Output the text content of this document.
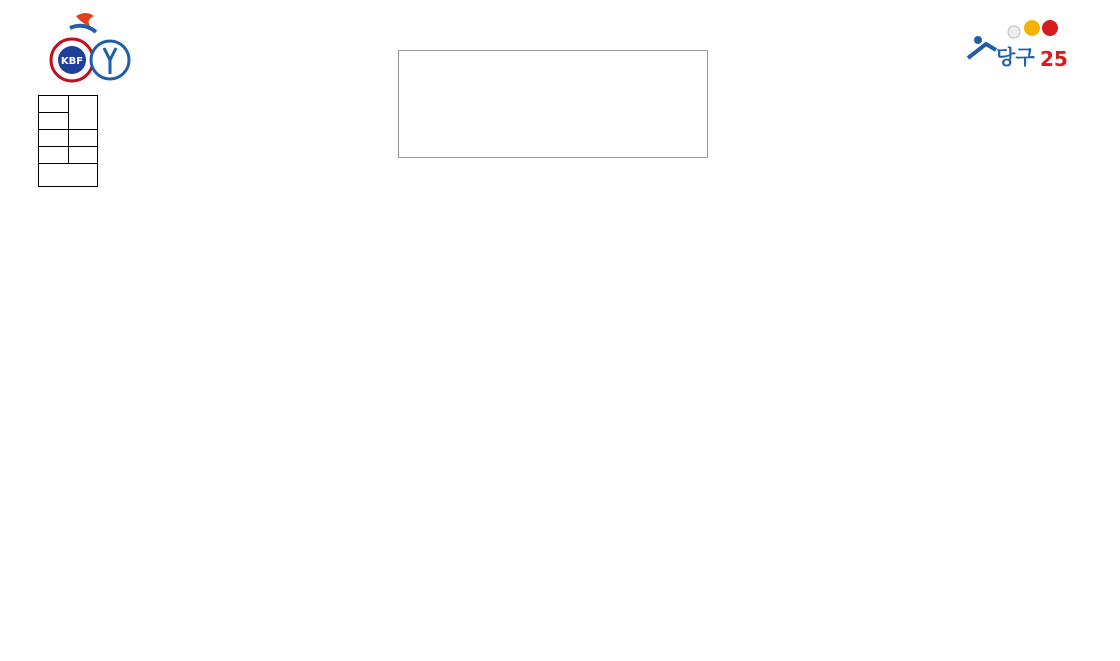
KBF	당구 25
